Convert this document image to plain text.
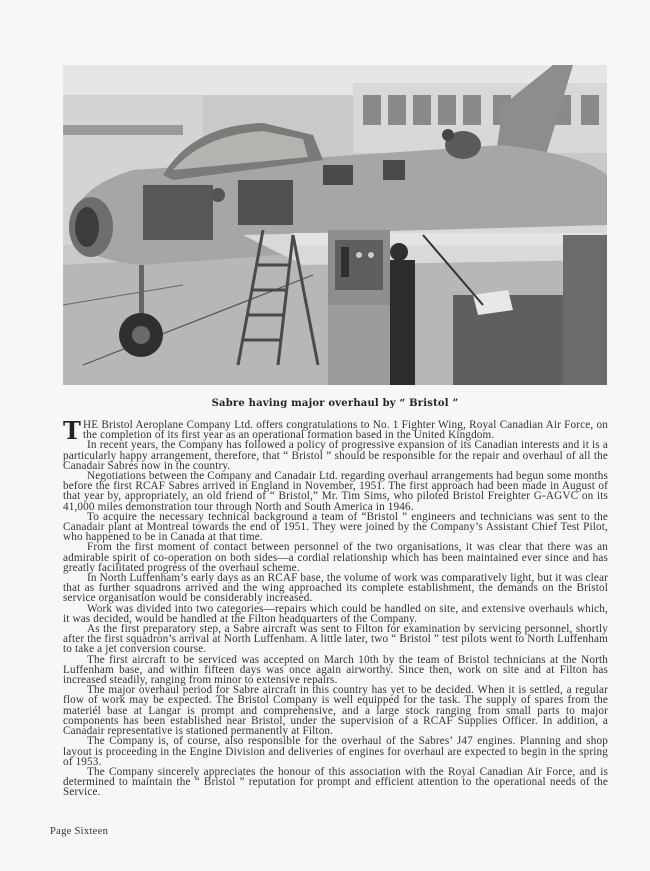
Sabre having major overhaul by “ Bristol ”

THE Bristol Aeroplane Company Ltd. offers congratulations to No. 1 Fighter Wing, Royal Canadian Air Force, on the completion of its first year as an operational formation based in the United Kingdom.

In recent years, the Company has followed a policy of progressive expansion of its Canadian interests and it is a particularly happy arrangement, therefore, that “ Bristol ” should be responsible for the repair and overhaul of all the Canadair Sabres now in the country.

Negotiations between the Company and Canadair Ltd. regarding overhaul arrangements had begun some months before the first RCAF Sabres arrived in England in November, 1951. The first approach had been made in August of that year by, appropriately, an old friend of “ Bristol,” Mr. Tim Sims, who piloted Bristol Freighter G-AGVC on its 41,000 miles demonstration tour through North and South America in 1946.

To acquire the necessary technical background a team of “Bristol ” engineers and technicians was sent to the Canadair plant at Montreal towards the end of 1951. They were joined by the Company’s Assistant Chief Test Pilot, who happened to be in Canada at that time.

From the first moment of contact between personnel of the two organisations, it was clear that there was an admirable spirit of co-operation on both sides—a cordial relationship which has been maintained ever since and has greatly facilitated progress of the overhaul scheme.

In North Luffenham’s early days as an RCAF base, the volume of work was comparatively light, but it was clear that as further squadrons arrived and the wing approached its complete establishment, the demands on the Bristol service organisation would be considerably increased.

Work was divided into two categories—repairs which could be handled on site, and extensive overhauls which, it was decided, would be handled at the Filton headquarters of the Company.

As the first preparatory step, a Sabre aircraft was sent to Filton for examination by servicing personnel, shortly after the first squadron’s arrival at North Luffenham. A little later, two “ Bristol ” test pilots went to North Luffenham to take a jet conversion course.

The first aircraft to be serviced was accepted on March 10th by the team of Bristol technicians at the North Luffenham base, and within fifteen days was once again airworthy. Since then, work on site and at Filton has increased steadily, ranging from minor to extensive repairs.

The major overhaul period for Sabre aircraft in this country has yet to be decided. When it is settled, a regular flow of work may be expected. The Bristol Company is well equipped for the task. The supply of spares from the materiél base at Langar is prompt and comprehensive, and a large stock ranging from small parts to major components has been established near Bristol, under the supervision of a RCAF Supplies Officer. In addition, a Canadair representative is stationed permanently at Filton.

The Company is, of course, also responsible for the overhaul of the Sabres’ J47 engines. Planning and shop layout is proceeding in the Engine Division and deliveries of engines for overhaul are expected to begin in the spring of 1953.

The Company sincerely appreciates the honour of this association with the Royal Canadian Air Force, and is determined to maintain the “ Bristol ” reputation for prompt and efficient attention to the operational needs of the Service.

Page Sixteen
